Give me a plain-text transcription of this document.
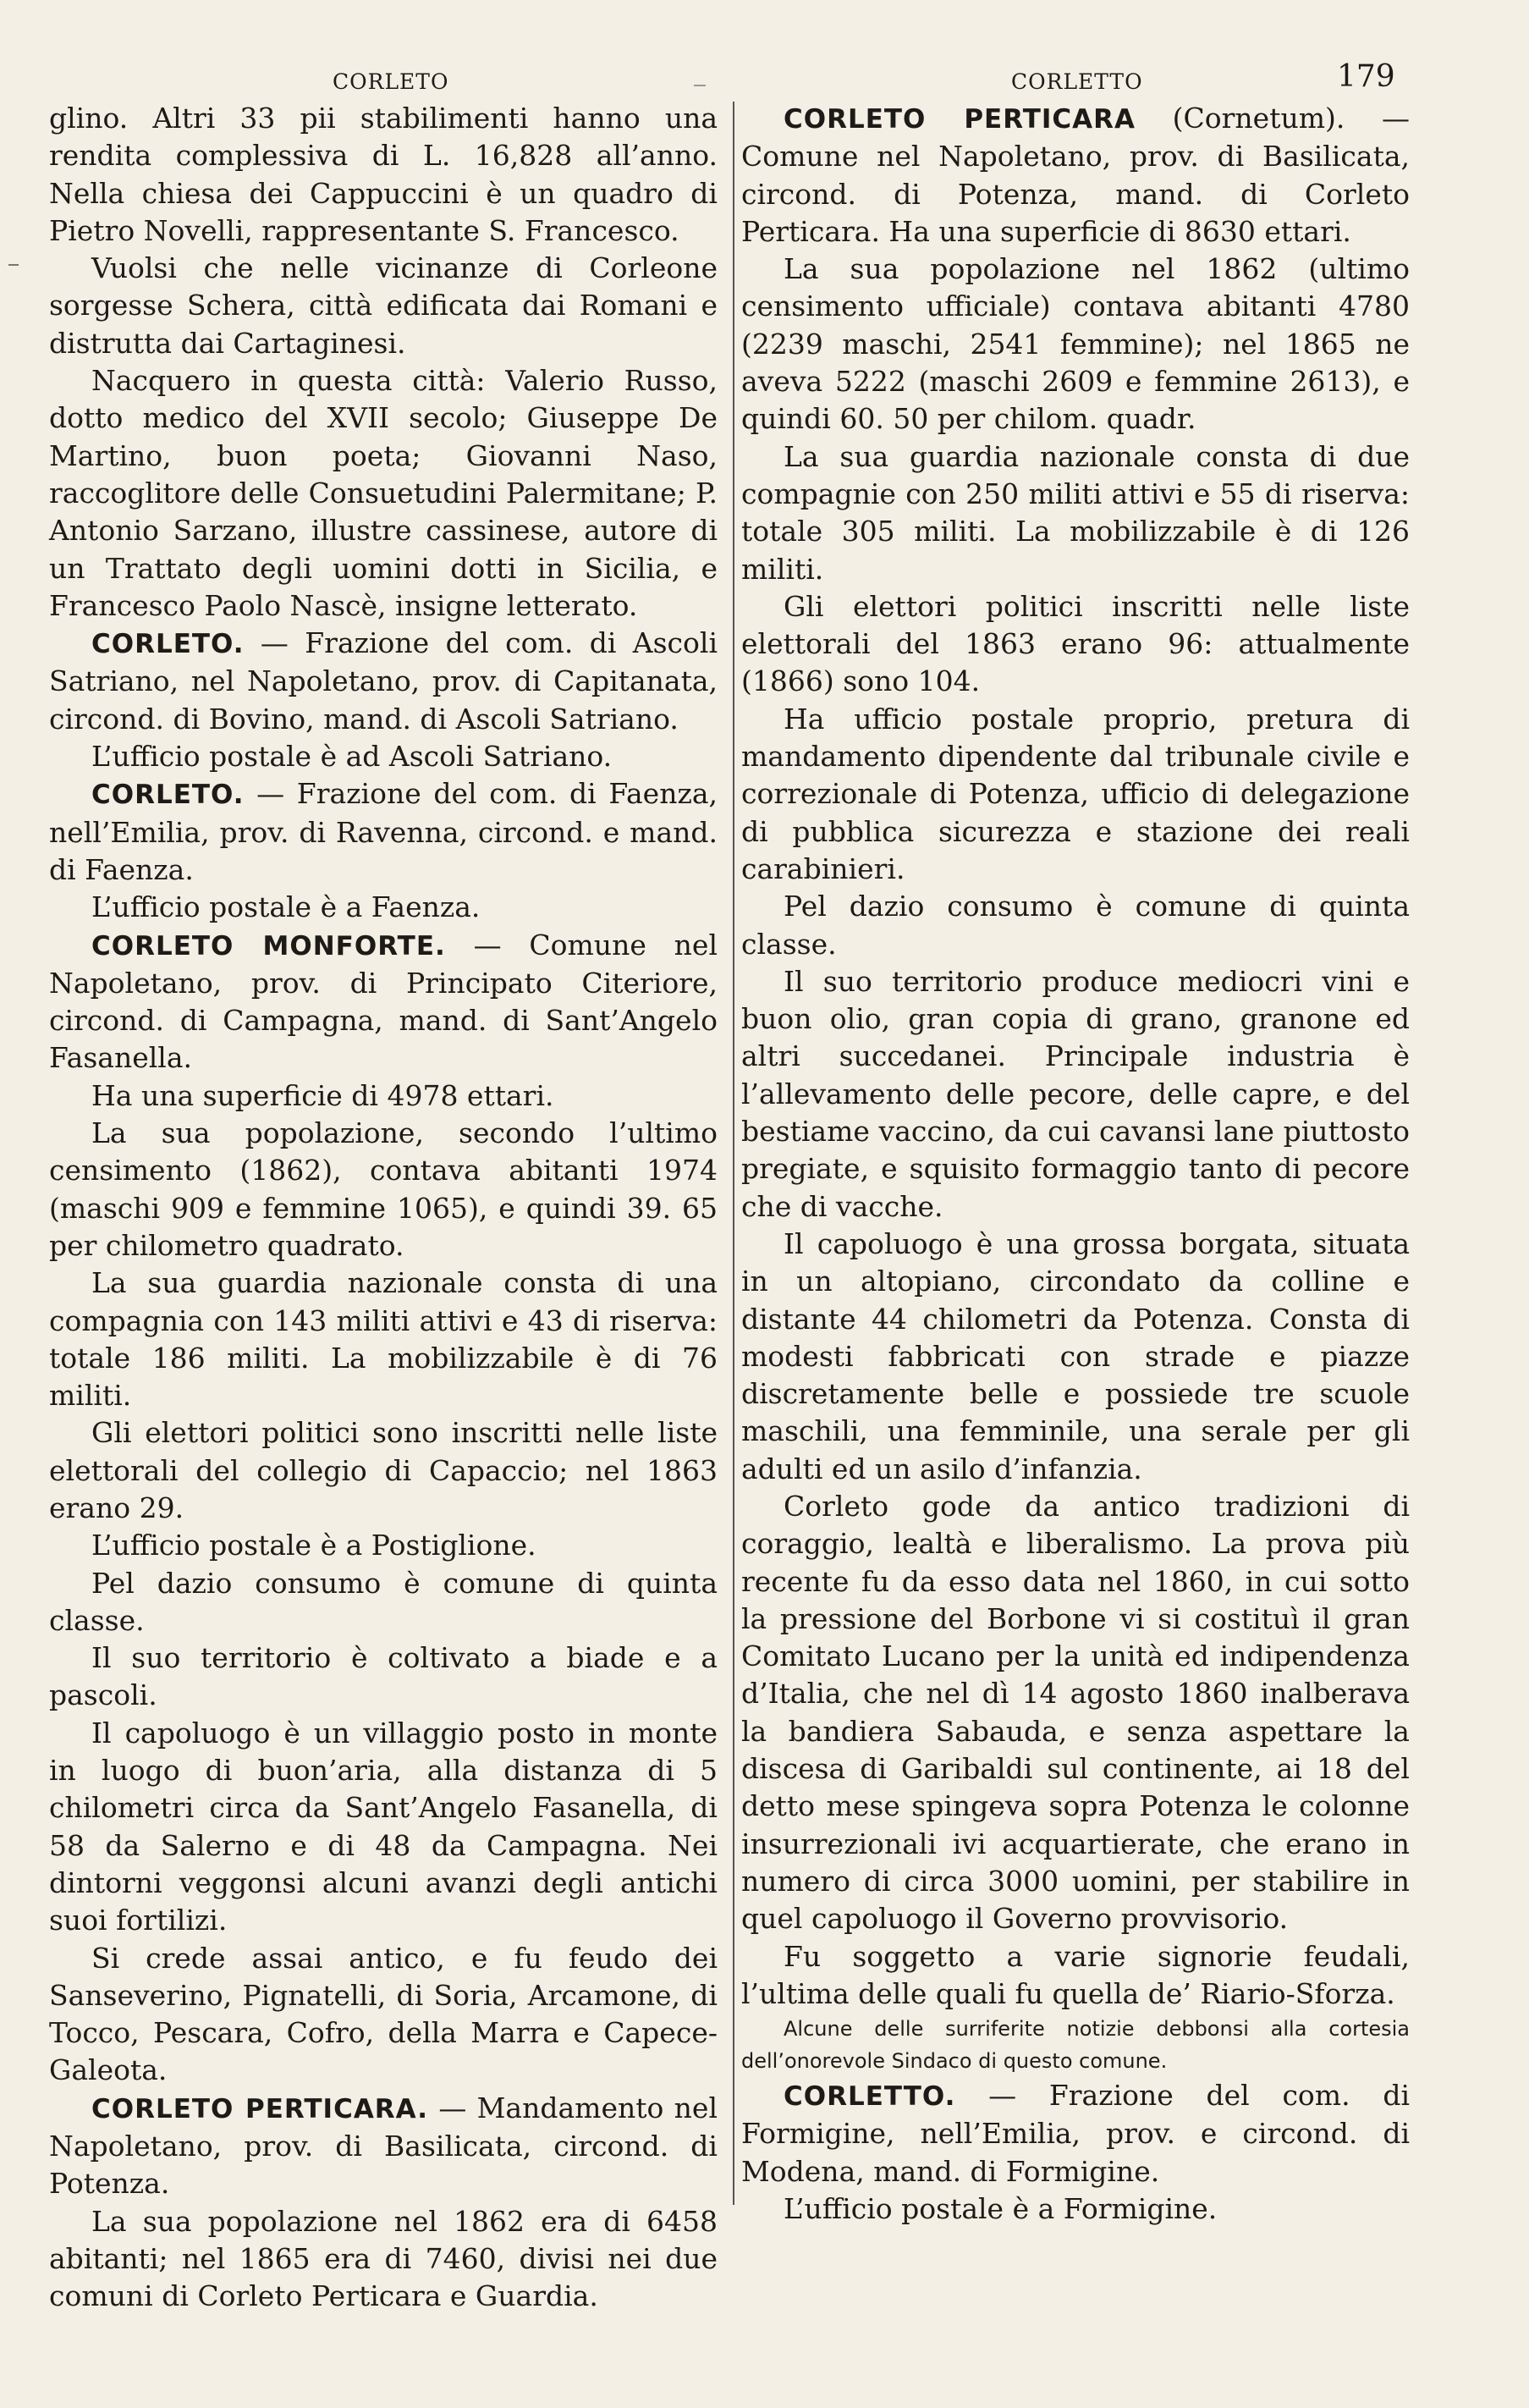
CORLETO	CORLETTO	179

glino. Altri 33 pii stabilimenti hanno una rendita complessiva di L. 16,828 all’anno. Nella chiesa dei Cappuccini è un quadro di Pietro Novelli, rappresentante S. Francesco.

Vuolsi che nelle vicinanze di Corleone sorgesse Schera, città edificata dai Romani e distrutta dai Cartaginesi.

Nacquero in questa città: Valerio Russo, dotto medico del XVII secolo; Giuseppe De Martino, buon poeta; Giovanni Naso, raccoglitore delle Consuetudini Palermitane; P. Antonio Sarzano, illustre cassinese, autore di un Trattato degli uomini dotti in Sicilia, e Francesco Paolo Nascè, insigne letterato.

CORLETO. — Frazione del com. di Ascoli Satriano, nel Napoletano, prov. di Capitanata, circond. di Bovino, mand. di Ascoli Satriano.

L’ufficio postale è ad Ascoli Satriano.

CORLETO. — Frazione del com. di Faenza, nell’Emilia, prov. di Ravenna, circond. e mand. di Faenza.

L’ufficio postale è a Faenza.

CORLETO MONFORTE. — Comune nel Napoletano, prov. di Principato Citeriore, circond. di Campagna, mand. di Sant’Angelo Fasanella.

Ha una superficie di 4978 ettari.

La sua popolazione, secondo l’ultimo censimento (1862), contava abitanti 1974 (maschi 909 e femmine 1065), e quindi 39. 65 per chilometro quadrato.

La sua guardia nazionale consta di una compagnia con 143 militi attivi e 43 di riserva: totale 186 militi. La mobilizzabile è di 76 militi.

Gli elettori politici sono inscritti nelle liste elettorali del collegio di Capaccio; nel 1863 erano 29.

L’ufficio postale è a Postiglione.

Pel dazio consumo è comune di quinta classe.

Il suo territorio è coltivato a biade e a pascoli.

Il capoluogo è un villaggio posto in monte in luogo di buon’aria, alla distanza di 5 chilometri circa da Sant’Angelo Fasanella, di 58 da Salerno e di 48 da Campagna. Nei dintorni veggonsi alcuni avanzi degli antichi suoi fortilizi.

Si crede assai antico, e fu feudo dei Sanseverino, Pignatelli, di Soria, Arcamone, di Tocco, Pescara, Cofro, della Marra e Capece-Galeota.

CORLETO PERTICARA. — Mandamento nel Napoletano, prov. di Basilicata, circond. di Potenza.

La sua popolazione nel 1862 era di 6458 abitanti; nel 1865 era di 7460, divisi nei due comuni di Corleto Perticara e Guardia.

CORLETO PERTICARA (Cornetum). — Comune nel Napoletano, prov. di Basilicata, circond. di Potenza, mand. di Corleto Perticara. Ha una superficie di 8630 ettari.

La sua popolazione nel 1862 (ultimo censimento ufficiale) contava abitanti 4780 (2239 maschi, 2541 femmine); nel 1865 ne aveva 5222 (maschi 2609 e femmine 2613), e quindi 60. 50 per chilom. quadr.

La sua guardia nazionale consta di due compagnie con 250 militi attivi e 55 di riserva: totale 305 militi. La mobilizzabile è di 126 militi.

Gli elettori politici inscritti nelle liste elettorali del 1863 erano 96: attualmente (1866) sono 104.

Ha ufficio postale proprio, pretura di mandamento dipendente dal tribunale civile e correzionale di Potenza, ufficio di delegazione di pubblica sicurezza e stazione dei reali carabinieri.

Pel dazio consumo è comune di quinta classe.

Il suo territorio produce mediocri vini e buon olio, gran copia di grano, granone ed altri succedanei. Principale industria è l’allevamento delle pecore, delle capre, e del bestiame vaccino, da cui cavansi lane piuttosto pregiate, e squisito formaggio tanto di pecore che di vacche.

Il capoluogo è una grossa borgata, situata in un altopiano, circondato da colline e distante 44 chilometri da Potenza. Consta di modesti fabbricati con strade e piazze discretamente belle e possiede tre scuole maschili, una femminile, una serale per gli adulti ed un asilo d’infanzia.

Corleto gode da antico tradizioni di coraggio, lealtà e liberalismo. La prova più recente fu da esso data nel 1860, in cui sotto la pressione del Borbone vi si costituì il gran Comitato Lucano per la unità ed indipendenza d’Italia, che nel dì 14 agosto 1860 inalberava la bandiera Sabauda, e senza aspettare la discesa di Garibaldi sul continente, ai 18 del detto mese spingeva sopra Potenza le colonne insurrezionali ivi acquartierate, che erano in numero di circa 3000 uomini, per stabilire in quel capoluogo il Governo provvisorio.

Fu soggetto a varie signorie feudali, l’ultima delle quali fu quella de’ Riario-Sforza.

Alcune delle surriferite notizie debbonsi alla cortesia dell’onorevole Sindaco di questo comune.

CORLETTO. — Frazione del com. di Formigine, nell’Emilia, prov. e circond. di Modena, mand. di Formigine.

L’ufficio postale è a Formigine.
